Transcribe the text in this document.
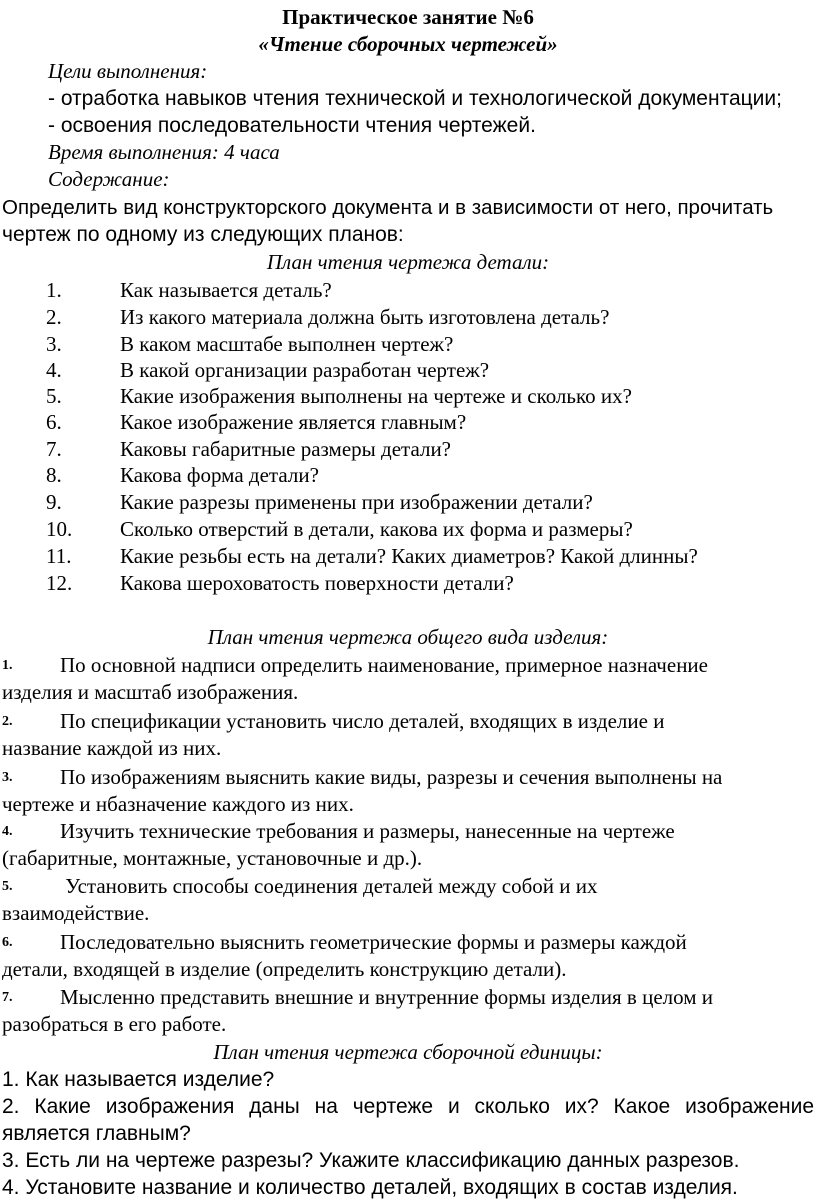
Практическое занятие №6
«Чтение сборочных чертежей»
Цели выполнения:
- отработка навыков чтения технической и технологической документации;
- освоения последовательности чтения чертежей.
Время выполнения: 4 часа
Содержание:
Определить вид конструкторского документа и в зависимости от него, прочитать
чертеж по одному из следующих планов:
План чтения чертежа детали:
1.	Как называется деталь?
2.	Из какого материала должна быть изготовлена деталь?
3.	В каком масштабе выполнен чертеж?
4.	В какой организации разработан чертеж?
5.	Какие изображения выполнены на чертеже и сколько их?
6.	Какое изображение является главным?
7.	Каковы габаритные размеры детали?
8.	Какова форма детали?
9.	Какие разрезы применены при изображении детали?
10. Сколько отверстий в детали, какова их форма и размеры?
11. Какие резьбы есть на детали? Каких диаметров? Какой длинны?
12. Какова шероховатость поверхности детали?
План чтения чертежа общего вида изделия:
1. По основной надписи определить наименование, примерное назначение
изделия и масштаб изображения.
2. По спецификации установить число деталей, входящих в изделие и
название каждой из них.
3. По изображениям выяснить какие виды, разрезы и сечения выполнены на
чертеже и нбазначение каждого из них.
4. Изучить технические требования и размеры, нанесенные на чертеже
(габаритные, монтажные, установочные и др.).
5. Установить способы соединения деталей между собой и их
взаимодействие.
6. Последовательно выяснить геометрические формы и размеры каждой
детали, входящей в изделие (определить конструкцию детали).
7. Мысленно представить внешние и внутренние формы изделия в целом и
разобраться в его работе.
План чтения чертежа сборочной единицы:
1. Как называется изделие?
2. Какие изображения даны на чертеже и сколько их? Какое изображение
является главным?
3. Есть ли на чертеже разрезы? Укажите классификацию данных разрезов.
4. Установите название и количество деталей, входящих в состав изделия.
